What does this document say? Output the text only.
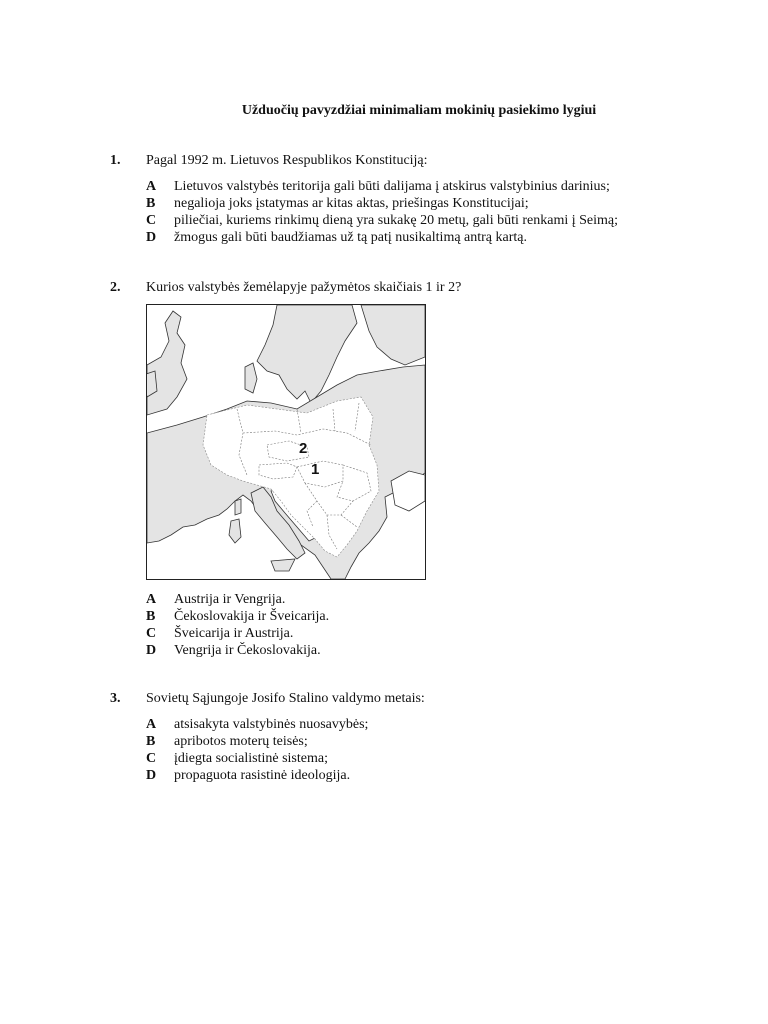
Užduočių pavyzdžiai minimaliam mokinių pasiekimo lygiui
1. Pagal 1992 m. Lietuvos Respublikos Konstituciją:
A Lietuvos valstybės teritorija gali būti dalijama į atskirus valstybinius darinius;
B negalioja joks įstatymas ar kitas aktas, priešingas Konstitucijai;
C piliečiai, kuriems rinkimų dieną yra sukakę 20 metų, gali būti renkami į Seimą;
D žmogus gali būti baudžiamas už tą patį nusikaltimą antrą kartą.
2. Kurios valstybės žemėlapyje pažymėtos skaičiais 1 ir 2?
2
1
A Austrija ir Vengrija.
B Čekoslovakija ir Šveicarija.
C Šveicarija ir Austrija.
D Vengrija ir Čekoslovakija.
3. Sovietų Sąjungoje Josifo Stalino valdymo metais:
A atsisakyta valstybinės nuosavybės;
B apribotos moterų teisės;
C įdiegta socialistinė sistema;
D propaguota rasistinė ideologija.
